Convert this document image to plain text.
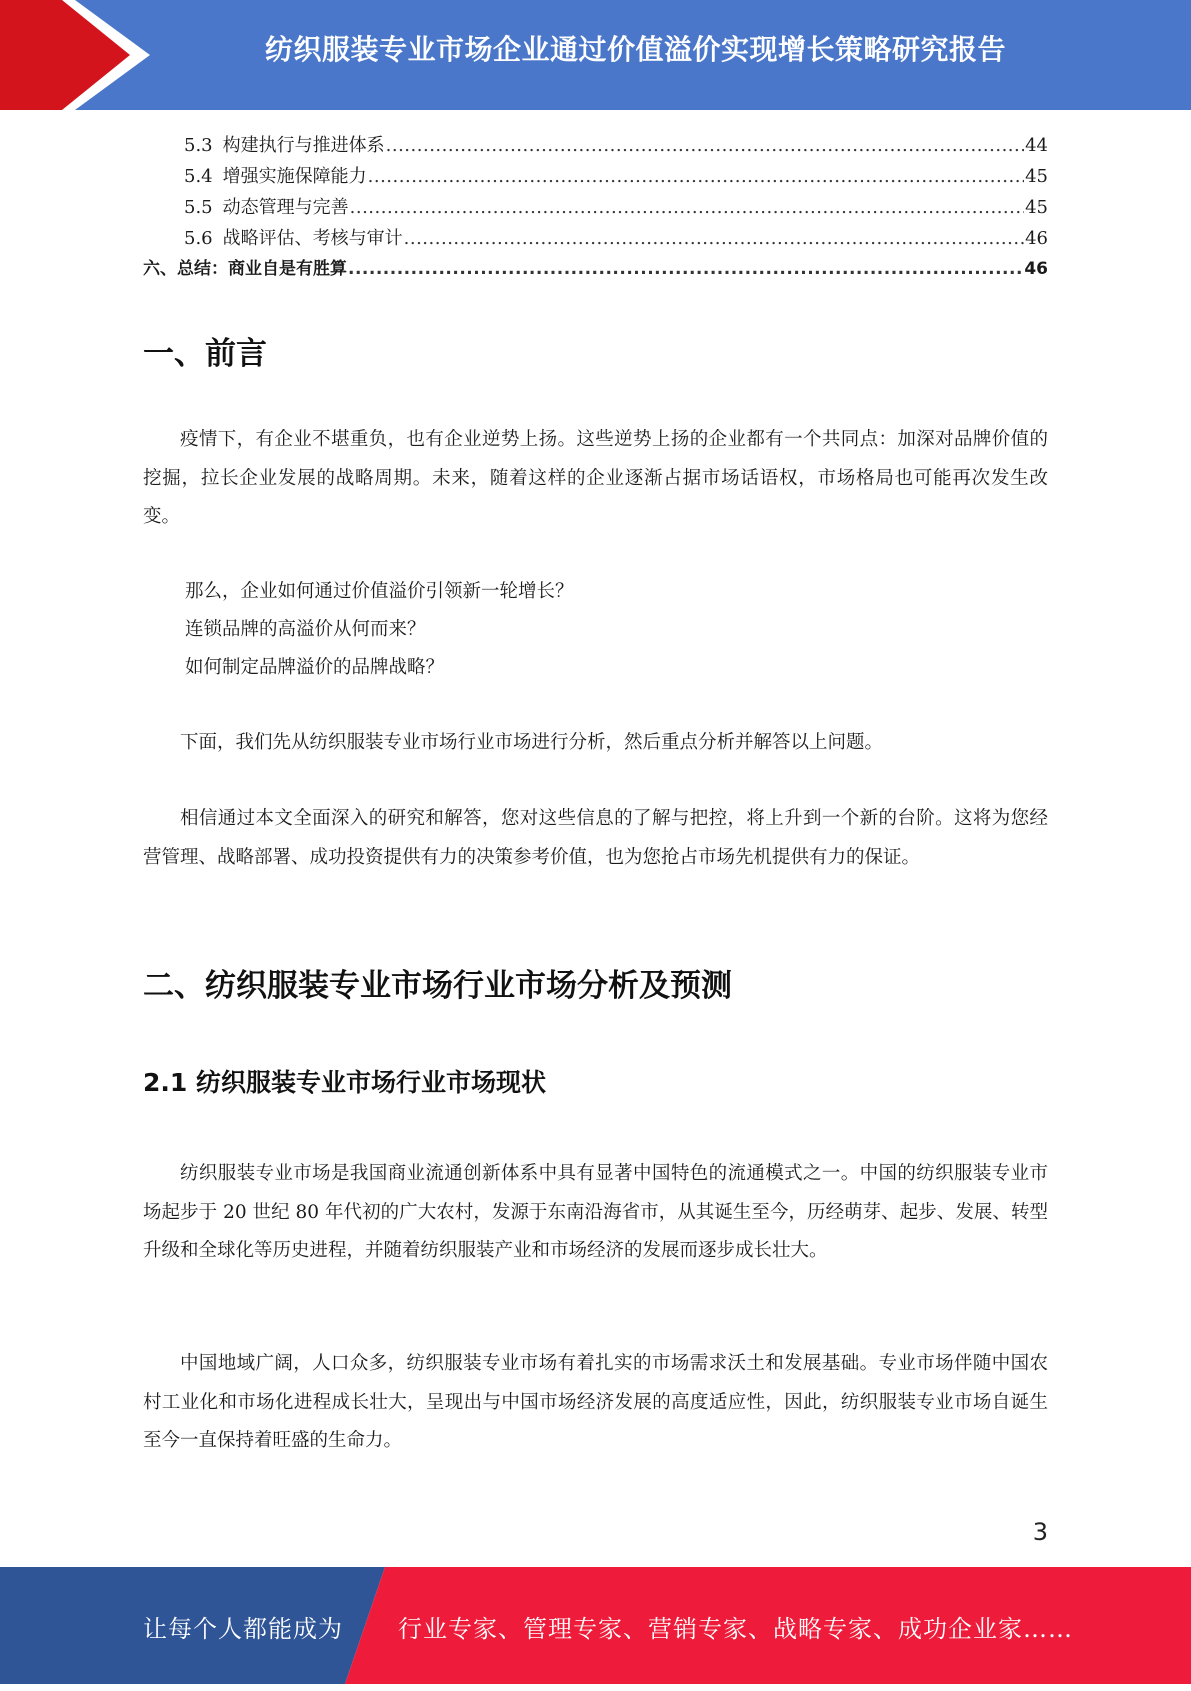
纺织服装专业市场企业通过价值溢价实现增长策略研究报告
5.3 构建执行与推进体系 .....	44
5.4 增强实施保障能力 .....	45
5.5 动态管理与完善 .....	45
5.6 战略评估、考核与审计 .....	46
六、总结：商业自是有胜算 .....	46
一、前言

疫情下，有企业不堪重负，也有企业逆势上扬。这些逆势上扬的企业都有一个共同点：加深对品牌价值的挖掘，拉长企业发展的战略周期。未来，随着这样的企业逐渐占据市场话语权，市场格局也可能再次发生改变。

那么，企业如何通过价值溢价引领新一轮增长？
连锁品牌的高溢价从何而来？
如何制定品牌溢价的品牌战略？

下面，我们先从纺织服装专业市场行业市场进行分析，然后重点分析并解答以上问题。

相信通过本文全面深入的研究和解答，您对这些信息的了解与把控，将上升到一个新的台阶。这将为您经营管理、战略部署、成功投资提供有力的决策参考价值，也为您抢占市场先机提供有力的保证。

二、纺织服装专业市场行业市场分析及预测
2.1 纺织服装专业市场行业市场现状

纺织服装专业市场是我国商业流通创新体系中具有显著中国特色的流通模式之一。中国的纺织服装专业市场起步于 20 世纪 80 年代初的广大农村，发源于东南沿海省市，从其诞生至今，历经萌芽、起步、发展、转型升级和全球化等历史进程，并随着纺织服装产业和市场经济的发展而逐步成长壮大。

中国地域广阔，人口众多，纺织服装专业市场有着扎实的市场需求沃土和发展基础。专业市场伴随中国农村工业化和市场化进程成长壮大，呈现出与中国市场经济发展的高度适应性，因此，纺织服装专业市场自诞生至今一直保持着旺盛的生命力。

3
让每个人都能成为 行业专家、管理专家、营销专家、战略专家、成功企业家……
